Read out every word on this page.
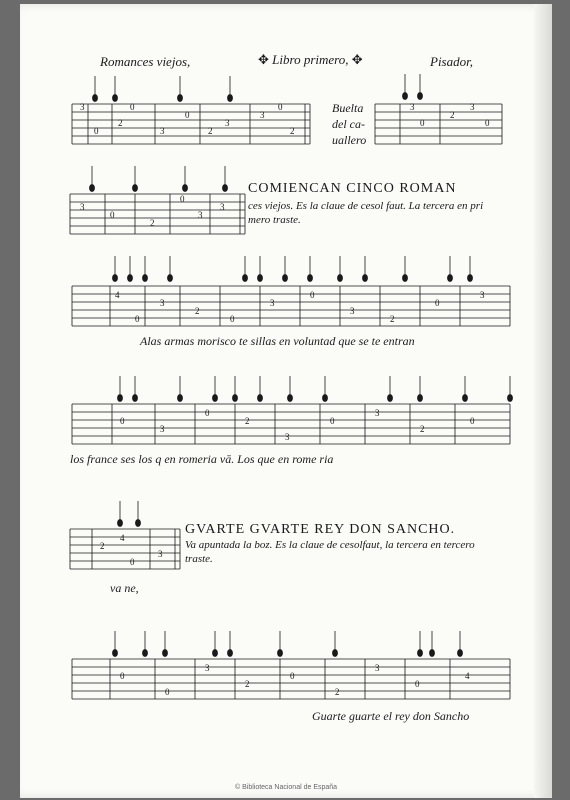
Romances viejos,	✥ Libro primero, ✥	Pisador,
3
0
2
0
3
0
2
3
3
0
2
3
0
2
3
0
3
0
2
0
3
3
4
0
3
2
0
3
0
3
2
0
3
0
3
0
2
3
0
3
2
0
2
4
0
3
0
0
3
2
0
2
3
0
4
Buelta
del ca-
uallero
COMIENCAN CINCO ROMAN
ces viejos. Es la claue de cesol faut. La tercera en pri
mero traste.
Alas armas morisco te sillas en voluntad que se te entran
los france ses los q en romeria vā. Los que en rome ria
GVARTE GVARTE REY DON SANCHO.
Va apuntada la boz. Es la claue de cesolfaut, la tercera en tercero
traste.
va ne,
Guarte guarte el rey don Sancho
© Biblioteca Nacional de España
